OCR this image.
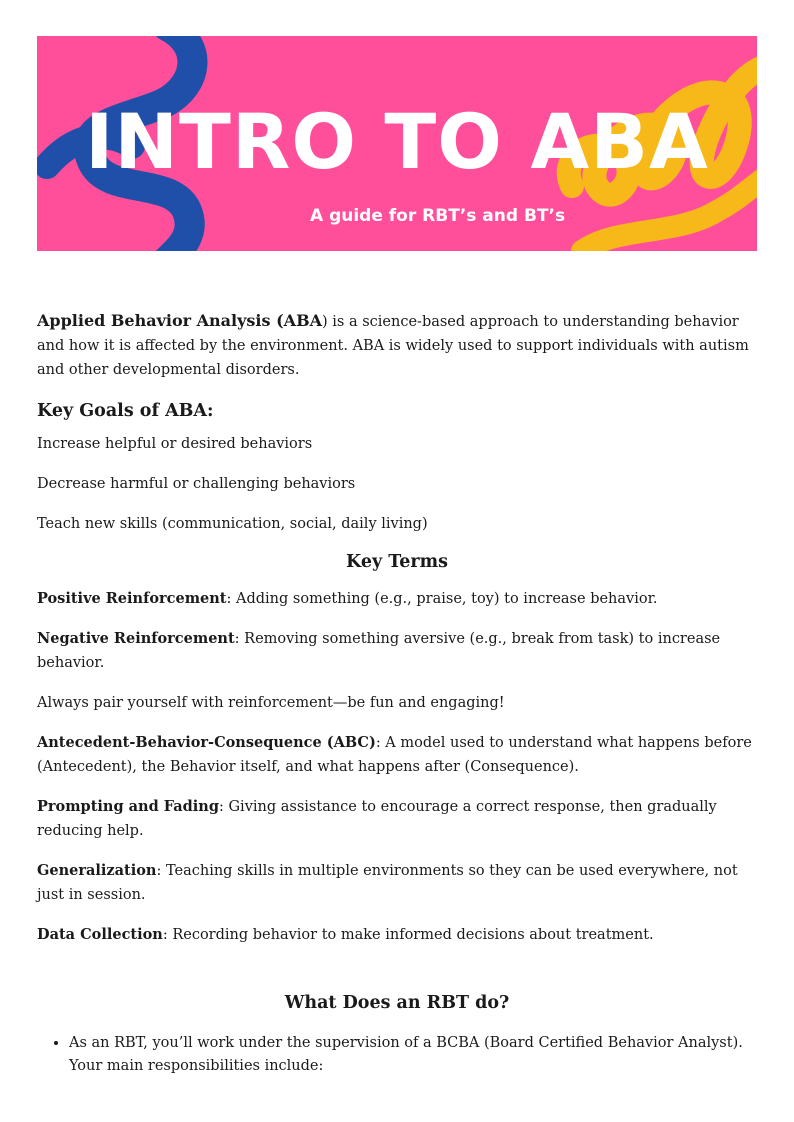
INTRO TO ABA

A guide for RBT’s and BT’s

Applied Behavior Analysis (ABA) is a science-based approach to understanding behavior and how it is affected by the environment. ABA is widely used to support individuals with autism and other developmental disorders.

Key Goals of ABA:

Increase helpful or desired behaviors

Decrease harmful or challenging behaviors

Teach new skills (communication, social, daily living)

Key Terms

Positive Reinforcement: Adding something (e.g., praise, toy) to increase behavior.

Negative Reinforcement: Removing something aversive (e.g., break from task) to increase behavior.

Always pair yourself with reinforcement—be fun and engaging!

Antecedent-Behavior-Consequence (ABC): A model used to understand what happens before (Antecedent), the Behavior itself, and what happens after (Consequence).

Prompting and Fading: Giving assistance to encourage a correct response, then gradually reducing help.

Generalization: Teaching skills in multiple environments so they can be used everywhere, not just in session.

Data Collection: Recording behavior to make informed decisions about treatment.

What Does an RBT do?
• As an RBT, you’ll work under the supervision of a BCBA (Board Certified Behavior Analyst). Your main responsibilities include:
